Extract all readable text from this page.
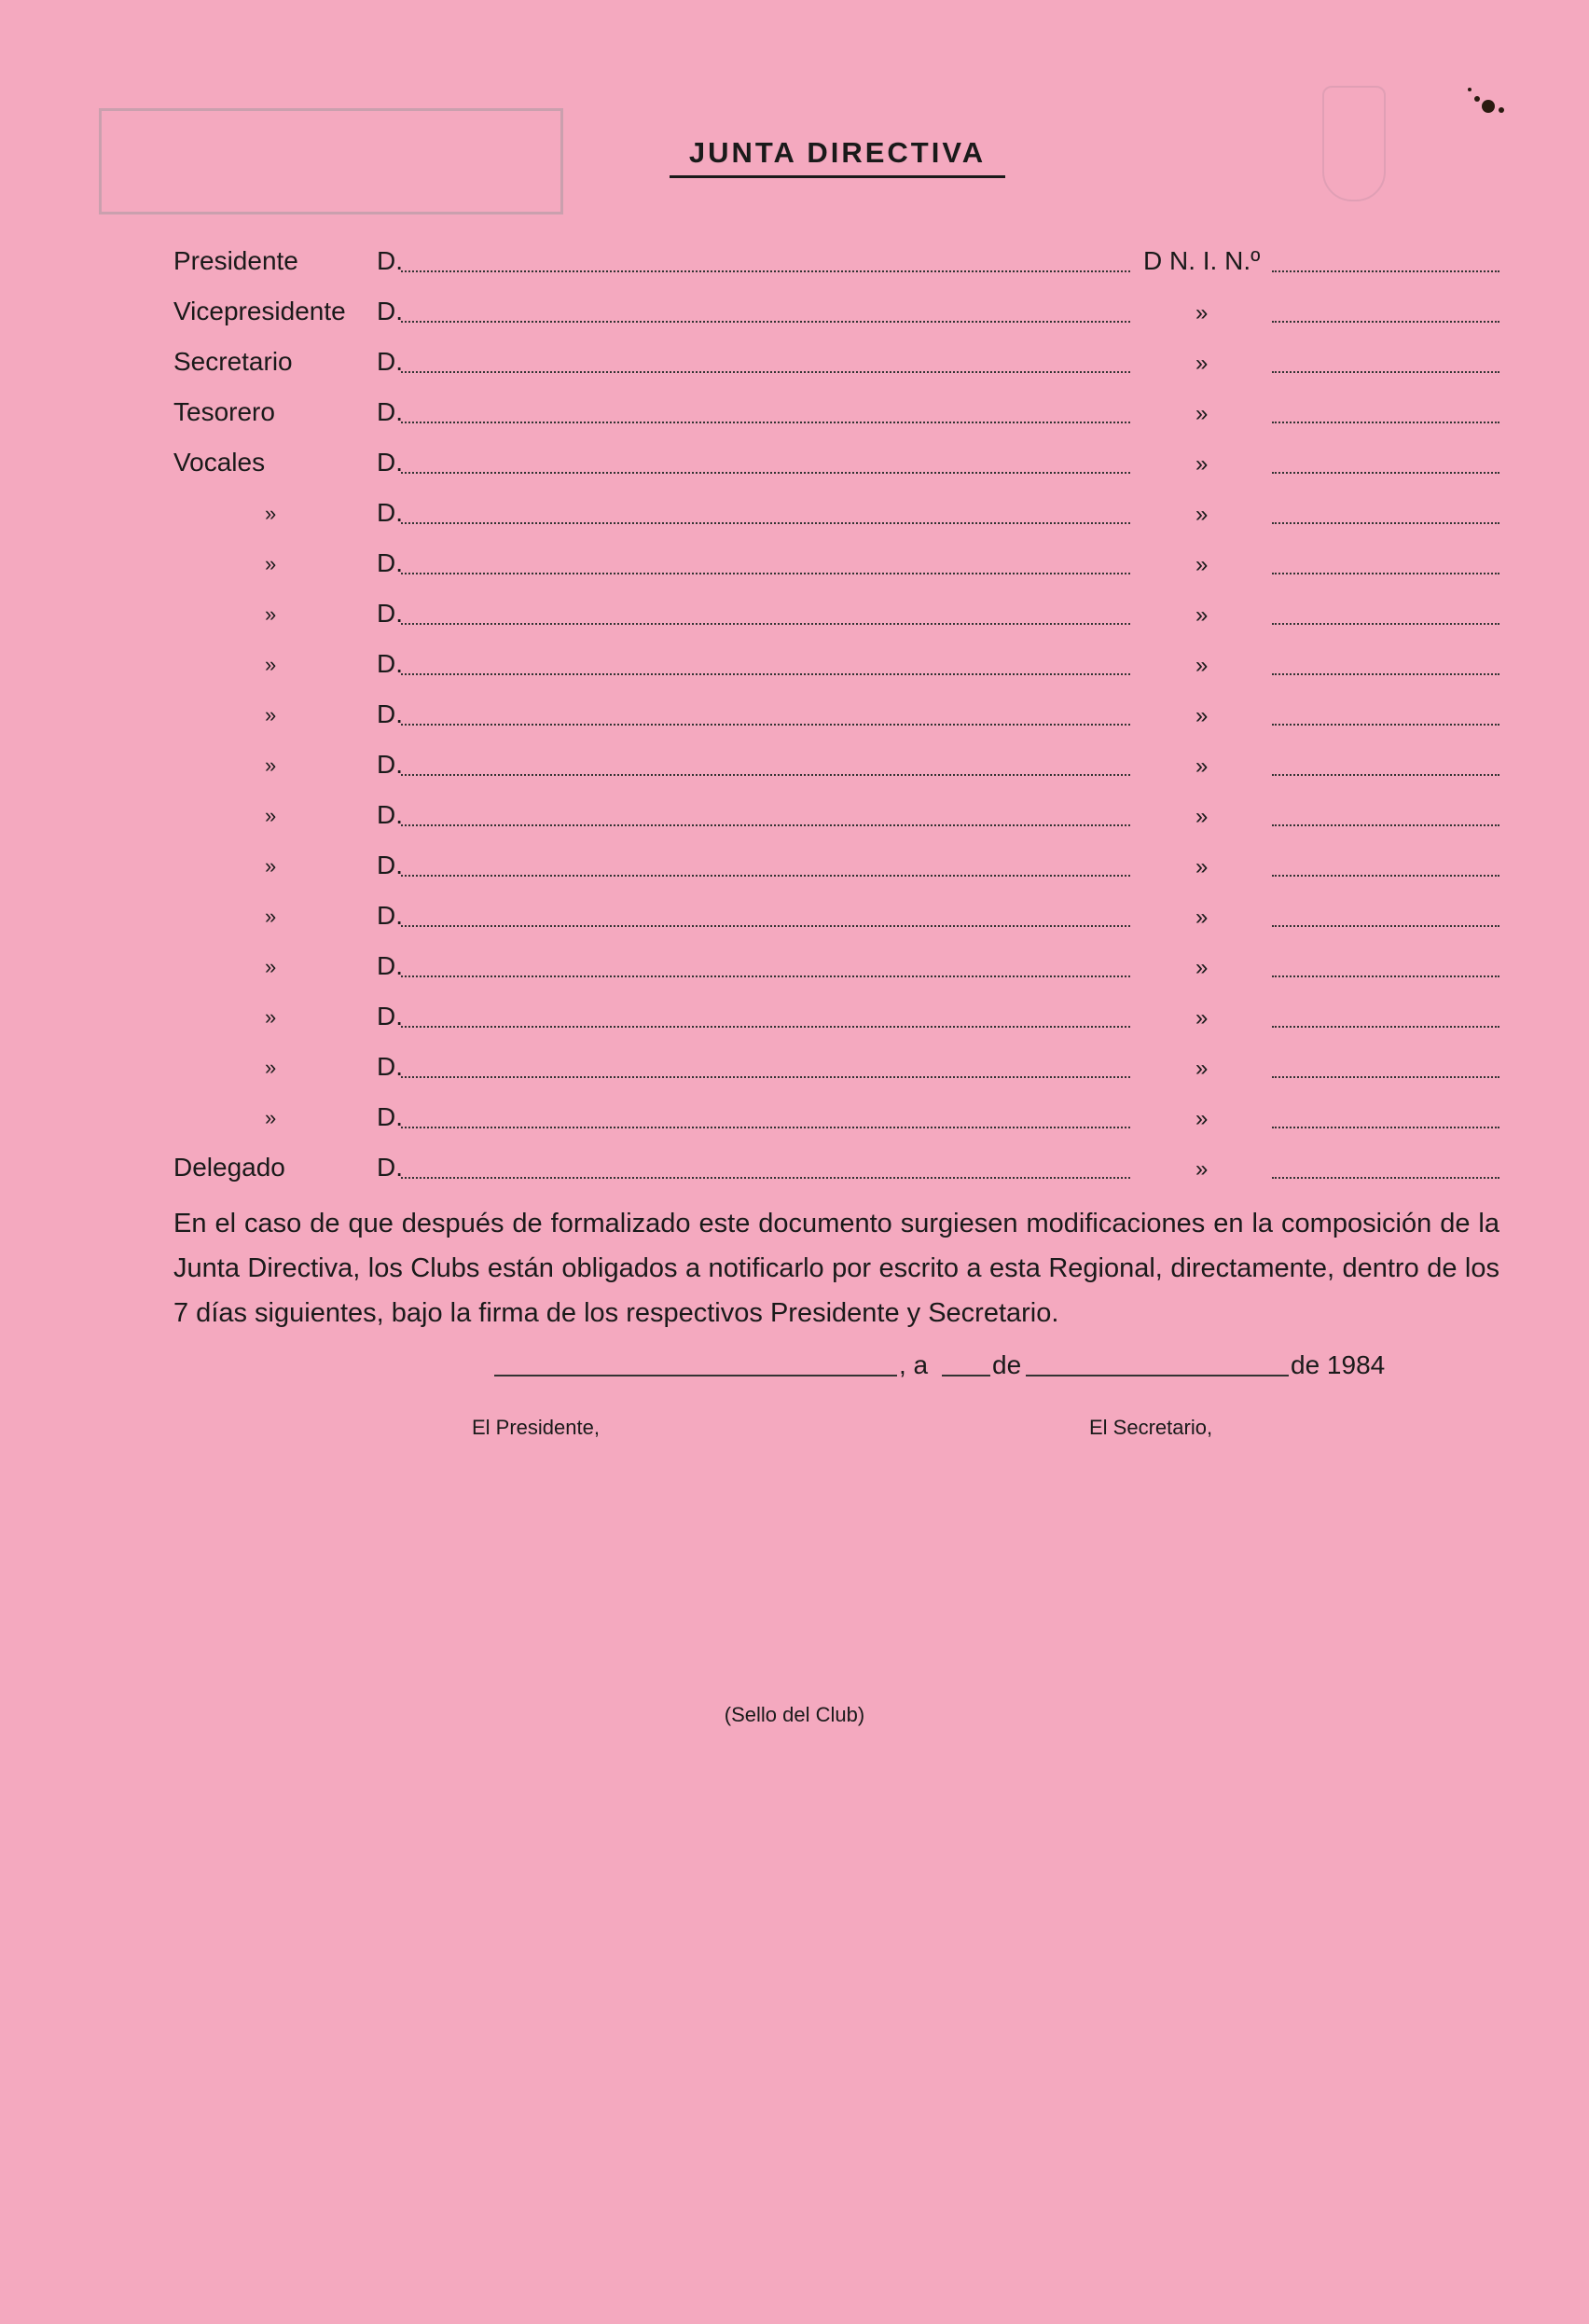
JUNTA DIRECTIVA
Presidente	D.	D N. I. N.º
Vicepresidente D.	»
Secretario	D.	»
Tesorero	D.	»
Vocales	D.	»
»	D.	»
»	D.	»
»	D.	»
»	D.	»
»	D.	»
»	D.	»
»	D.	»
»	D.	»
»	D.	»
»	D.	»
»	D.	»
»	D.	»
»	D.	»
Delegado	D.	»
En el caso de que después de formalizado este documento surgiesen modificaciones en la composición de la Junta Directiva, los Clubs están obligados a notificarlo por escrito a esta Regional, directamente, dentro de los 7 días siguientes, bajo la firma de los respectivos Presidente y Secretario.
, a de	de 1984
El Presidente,	El Secretario,
(Sello del Club)
